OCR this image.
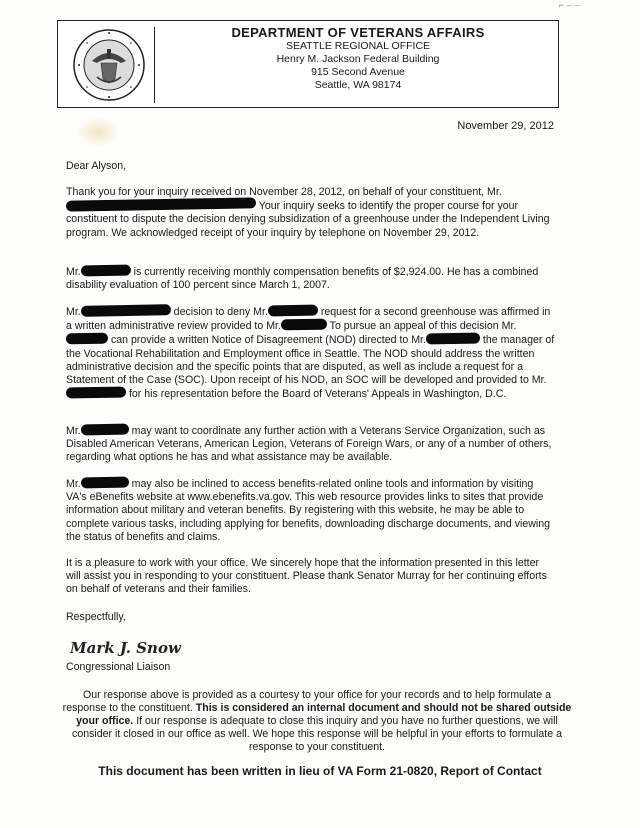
⌐ ‒ ⌣
DEPARTMENT OF VETERANS AFFAIRS
SEATTLE REGIONAL OFFICE
Henry M. Jackson Federal Building
915 Second Avenue
Seattle, WA 98174
November 29, 2012
Dear Alyson,
Thank you for your inquiry received on November 28, 2012, on behalf of your constituent, Mr.  Your inquiry seeks to identify the proper course for your constituent to dispute the decision denying subsidization of a greenhouse under the Independent Living program. We acknowledged receipt of your inquiry by telephone on November 29, 2012.
Mr.	is currently receiving monthly compensation benefits of $2,924.00. He has a combined disability evaluation of 100 percent since March 1, 2007.
Mr.	decision to deny Mr.	request for a second greenhouse was affirmed in a written administrative review provided to Mr.	To pursue an appeal of this decision Mr. can provide a written Notice of Disagreement (NOD) directed to Mr.	the manager of the Vocational Rehabilitation and Employment office in Seattle. The NOD should address the written administrative decision and the specific points that are disputed, as well as include a request for a Statement of the Case (SOC). Upon receipt of his NOD, an SOC will be developed and provided to Mr. for his representation before the Board of Veterans' Appeals in Washington, D.C.
Mr.	may want to coordinate any further action with a Veterans Service Organization, such as Disabled American Veterans, American Legion, Veterans of Foreign Wars, or any of a number of others, regarding what options he has and what assistance may be available.
Mr.	may also be inclined to access benefits-related online tools and information by visiting VA's eBenefits website at www.ebenefits.va.gov. This web resource provides links to sites that provide information about military and veteran benefits. By registering with this website, he may be able to complete various tasks, including applying for benefits, downloading discharge documents, and viewing the status of benefits and claims.
It is a pleasure to work with your office. We sincerely hope that the information presented in this letter will assist you in responding to your constituent. Please thank Senator Murray for her continuing efforts on behalf of veterans and their families.
Respectfully,
Mark J. Snow
Congressional Liaison
Our response above is provided as a courtesy to your office for your records and to help formulate a response to the constituent. This is considered an internal document and should not be shared outside your office. If our response is adequate to close this inquiry and you have no further questions, we will consider it closed in our office as well. We hope this response will be helpful in your efforts to formulate a response to your constituent.
This document has been written in lieu of VA Form 21-0820, Report of Contact
